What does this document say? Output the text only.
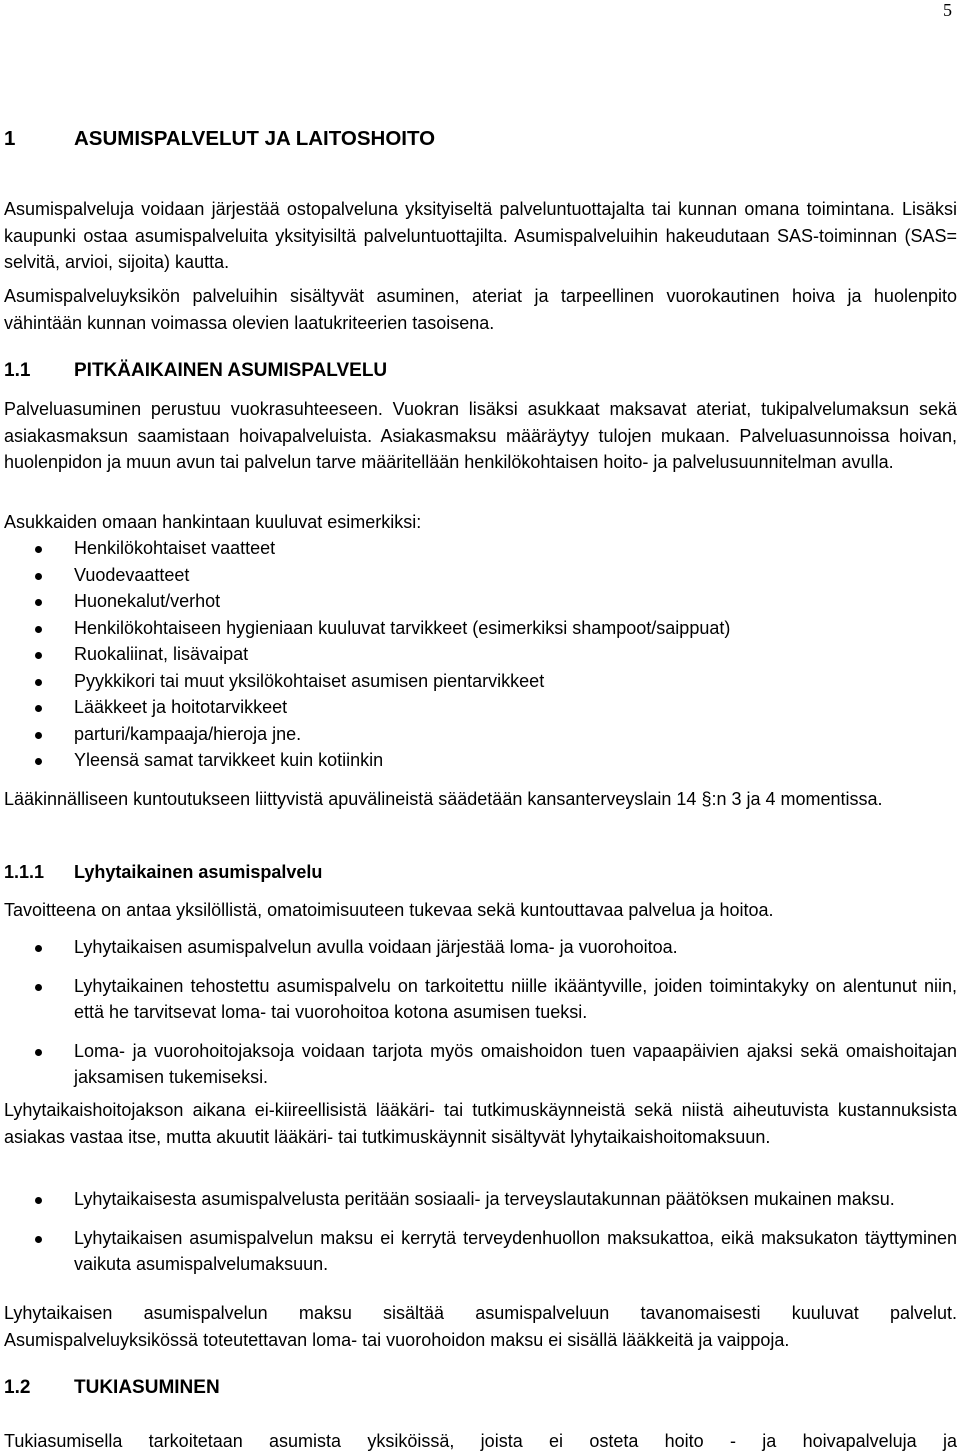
5
1	ASUMISPALVELUT JA LAITOSHOITO

Asumispalveluja voidaan järjestää ostopalveluna yksityiseltä palveluntuottajalta tai kunnan omana toimintana. Lisäksi kaupunki ostaa asumispalveluita yksityisiltä palveluntuottajilta. Asumispalveluihin hakeudutaan SAS-toiminnan (SAS= selvitä, arvioi, sijoita) kautta.

Asumispalveluyksikön palveluihin sisältyvät asuminen, ateriat ja tarpeellinen vuorokautinen hoiva ja huolenpito vähintään kunnan voimassa olevien laatukriteerien tasoisena.

1.1 PITKÄAIKAINEN ASUMISPALVELU

Palveluasuminen perustuu vuokrasuhteeseen. Vuokran lisäksi asukkaat maksavat ateriat, tukipalvelumaksun sekä asiakasmaksun saamistaan hoivapalveluista. Asiakasmaksu määräytyy tulojen mukaan. Palveluasunnoissa hoivan, huolenpidon ja muun avun tai palvelun tarve määritellään henkilökohtaisen hoito- ja palvelusuunnitelman avulla.

Asukkaiden omaan hankintaan kuuluvat esimerkiksi:

Henkilökohtaiset vaatteet
Vuodevaatteet
Huonekalut/verhot
Henkilökohtaiseen hygieniaan kuuluvat tarvikkeet (esimerkiksi shampoot/saippuat)
Ruokaliinat, lisävaipat
Pyykkikori tai muut yksilökohtaiset asumisen pientarvikkeet
Lääkkeet ja hoitotarvikkeet
parturi/kampaaja/hieroja jne.
Yleensä samat tarvikkeet kuin kotiinkin

Lääkinnälliseen kuntoutukseen liittyvistä apuvälineistä säädetään kansanterveyslain 14 §:n 3 ja 4 momentissa.

1.1.1 Lyhytaikainen asumispalvelu

Tavoitteena on antaa yksilöllistä, omatoimisuuteen tukevaa sekä kuntouttavaa palvelua ja hoitoa.

Lyhytaikaisen asumispalvelun avulla voidaan järjestää loma- ja vuorohoitoa.
Lyhytaikainen tehostettu asumispalvelu on tarkoitettu niille ikääntyville, joiden toimintakyky on alentunut niin, että he tarvitsevat loma- tai vuorohoitoa kotona asumisen tueksi.
Loma- ja vuorohoitojaksoja voidaan tarjota myös omaishoidon tuen vapaapäivien ajaksi sekä omaishoitajan jaksamisen tukemiseksi.

Lyhytaikaishoitojakson aikana ei-kiireellisistä lääkäri- tai tutkimuskäynneistä sekä niistä aiheutuvista kustannuksista asiakas vastaa itse, mutta akuutit lääkäri- tai tutkimuskäynnit sisältyvät lyhytaikaishoitomaksuun.

Lyhytaikaisesta asumispalvelusta peritään sosiaali- ja terveyslautakunnan päätöksen mukainen maksu.
Lyhytaikaisen asumispalvelun maksu ei kerrytä terveydenhuollon maksukattoa, eikä maksukaton täyttyminen vaikuta asumispalvelumaksuun.

Lyhytaikaisen asumispalvelun maksu sisältää asumispalveluun tavanomaisesti kuuluvat palvelut. Asumispalveluyksikössä toteutettavan loma- tai vuorohoidon maksu ei sisällä lääkkeitä ja vaippoja.

1.2 TUKIASUMINEN

Tukiasumisella tarkoitetaan asumista yksiköissä, joista ei osteta hoito - ja hoivapalveluja ja
